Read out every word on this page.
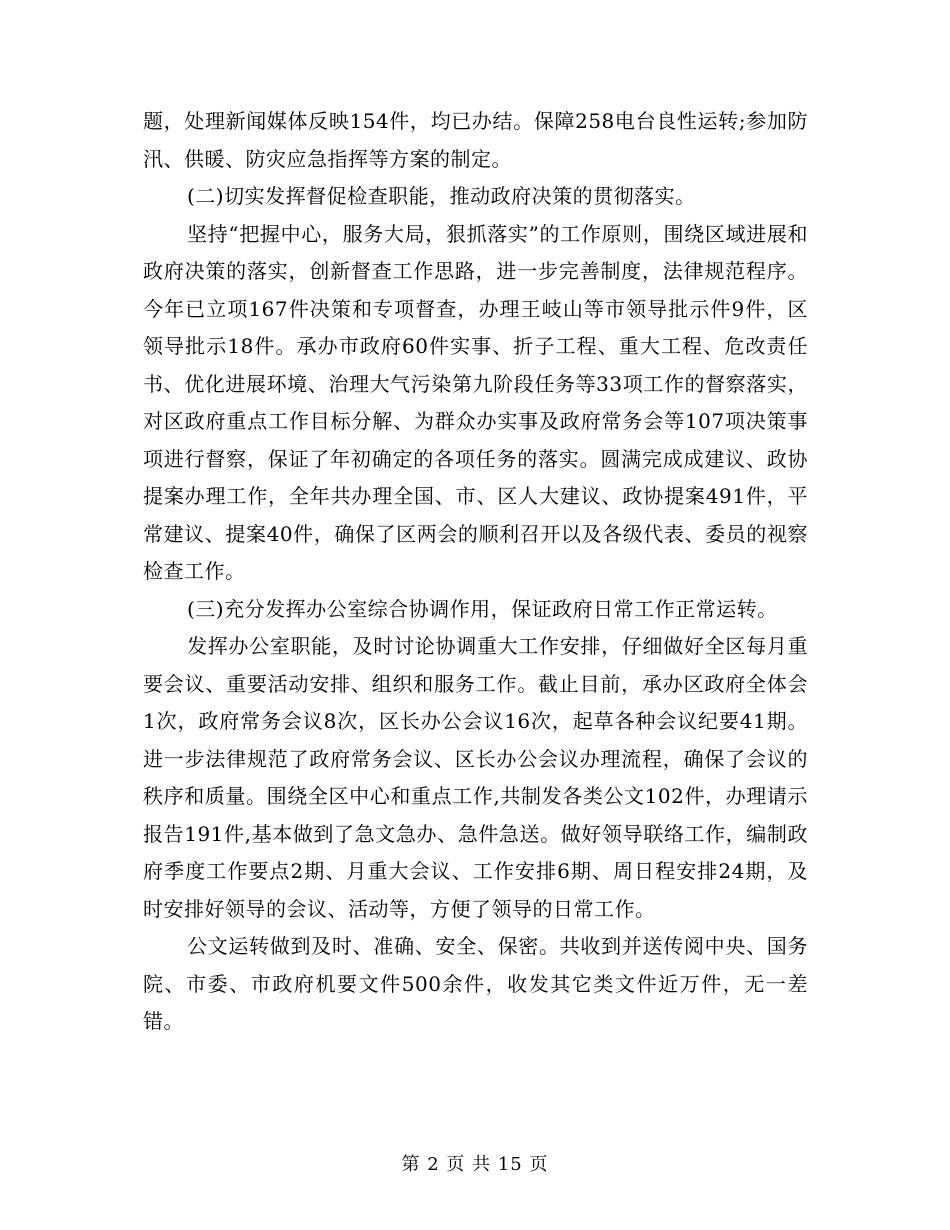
题，处理新闻媒体反映154件，均已办结。保障258电台良性运转;参加防汛、供暖、防灾应急指挥等方案的制定。

(二)切实发挥督促检查职能，推动政府决策的贯彻落实。

坚持“把握中心，服务大局，狠抓落实”的工作原则，围绕区域进展和政府决策的落实，创新督查工作思路，进一步完善制度，法律规范程序。今年已立项167件决策和专项督查，办理王岐山等市领导批示件9件，区领导批示18件。承办市政府60件实事、折子工程、重大工程、危改责任书、优化进展环境、治理大气污染第九阶段任务等33项工作的督察落实，对区政府重点工作目标分解、为群众办实事及政府常务会等107项决策事项进行督察，保证了年初确定的各项任务的落实。圆满完成成建议、政协提案办理工作，全年共办理全国、市、区人大建议、政协提案491件，平常建议、提案40件，确保了区两会的顺利召开以及各级代表、委员的视察检查工作。

(三)充分发挥办公室综合协调作用，保证政府日常工作正常运转。

发挥办公室职能，及时讨论协调重大工作安排，仔细做好全区每月重要会议、重要活动安排、组织和服务工作。截止目前，承办区政府全体会1次，政府常务会议8次，区长办公会议16次，起草各种会议纪要41期。进一步法律规范了政府常务会议、区长办公会议办理流程，确保了会议的秩序和质量。围绕全区中心和重点工作,共制发各类公文102件，办理请示报告191件,基本做到了急文急办、急件急送。做好领导联络工作，编制政府季度工作要点2期、月重大会议、工作安排6期、周日程安排24期，及时安排好领导的会议、活动等，方便了领导的日常工作。

公文运转做到及时、准确、安全、保密。共收到并送传阅中央、国务院、市委、市政府机要文件500余件，收发其它类文件近万件，无一差错。

第 2 页 共 15 页
